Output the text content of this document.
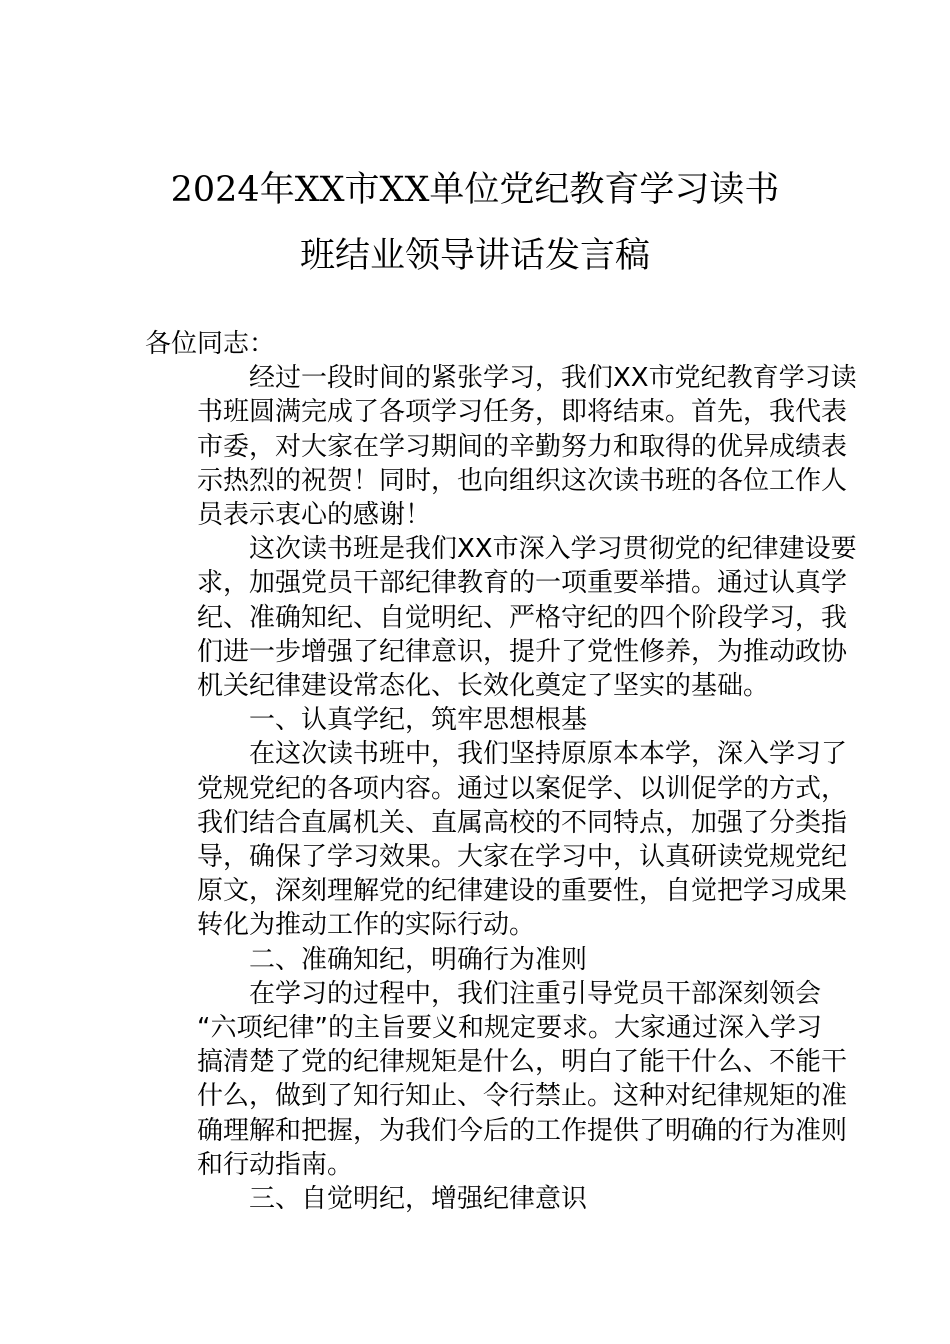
2024年XX市XX单位党纪教育学习读书
班结业领导讲话发言稿

各位同志：

经过一段时间的紧张学习，我们XX市党纪教育学习读
书班圆满完成了各项学习任务，即将结束。首先，我代表
市委，对大家在学习期间的辛勤努力和取得的优异成绩表
示热烈的祝贺！同时，也向组织这次读书班的各位工作人
员表示衷心的感谢！
这次读书班是我们XX市深入学习贯彻党的纪律建设要
求，加强党员干部纪律教育的一项重要举措。通过认真学
纪、准确知纪、自觉明纪、严格守纪的四个阶段学习，我
们进一步增强了纪律意识，提升了党性修养，为推动政协
机关纪律建设常态化、长效化奠定了坚实的基础。
一、认真学纪，筑牢思想根基
在这次读书班中，我们坚持原原本本学，深入学习了
党规党纪的各项内容。通过以案促学、以训促学的方式，
我们结合直属机关、直属高校的不同特点，加强了分类指
导，确保了学习效果。大家在学习中，认真研读党规党纪
原文，深刻理解党的纪律建设的重要性，自觉把学习成果
转化为推动工作的实际行动。
二、准确知纪，明确行为准则
在学习的过程中，我们注重引导党员干部深刻领会
“六项纪律”的主旨要义和规定要求。大家通过深入学习
搞清楚了党的纪律规矩是什么，明白了能干什么、不能干
什么，做到了知行知止、令行禁止。这种对纪律规矩的准
确理解和把握，为我们今后的工作提供了明确的行为准则
和行动指南。
三、自觉明纪，增强纪律意识
